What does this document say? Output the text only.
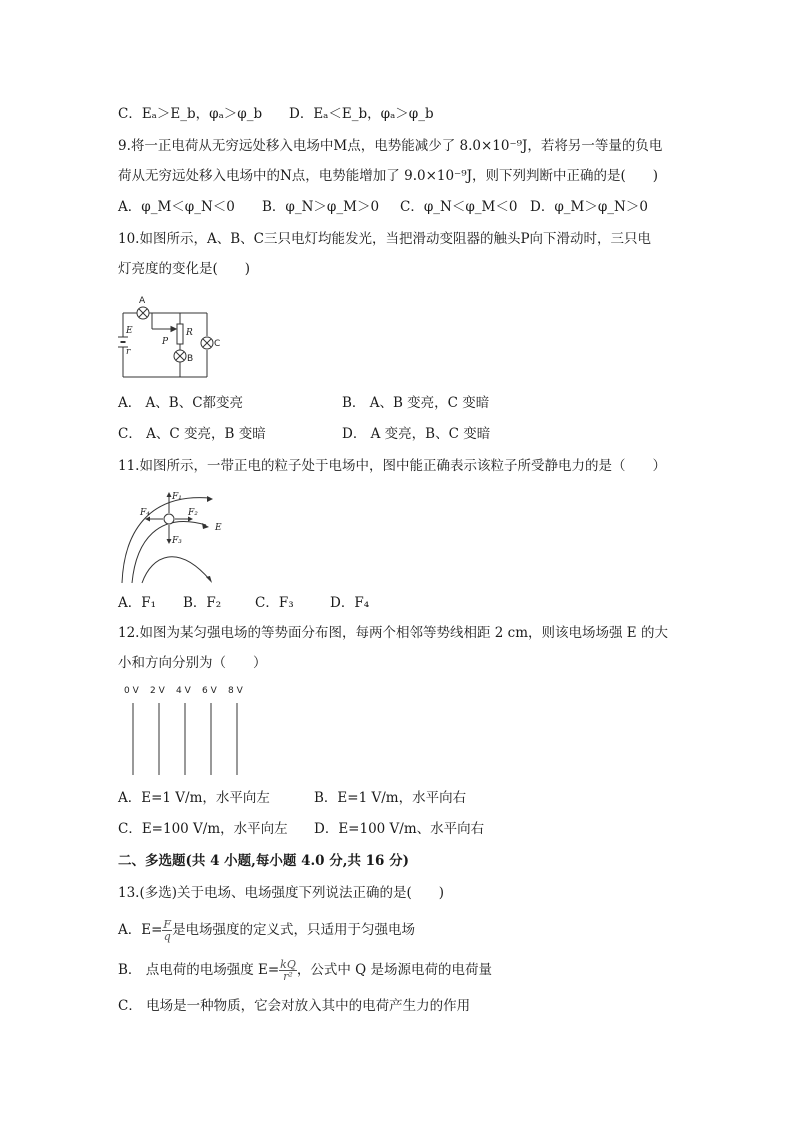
C．Eₐ＞E_b，φₐ＞φ_b D．Eₐ＜E_b，φₐ＞φ_b
9.将一正电荷从无穷远处移入电场中M点，电势能减少了 8.0×10⁻⁹J，若将另一等量的负电
荷从无穷远处移入电场中的N点，电势能增加了 9.0×10⁻⁹J，则下列判断中正确的是(　　)
A．φ_M＜φ_N＜0 B．φ_N＞φ_M＞0 C．φ_N＜φ_M＜0 D．φ_M＞φ_N＞0
10.如图所示，A、B、C三只电灯均能发光，当把滑动变阻器的触头P向下滑动时，三只电
灯亮度的变化是(　　)
A
R
P
B
C
E
r
A． A、B、C都变亮	B． A、B 变亮，C 变暗
C． A、C 变亮，B 变暗	D． A 变亮，B、C 变暗
11.如图所示，一带正电的粒子处于电场中，图中能正确表示该粒子所受静电力的是（　　）
F₁
F₂
F₃
F₄
E
A．F₁ B．F₂	C．F₃	D．F₄
12.如图为某匀强电场的等势面分布图，每两个相邻等势线相距 2 cm，则该电场场强 E 的大
小和方向分别为（　　）
0 V 2 V 4 V 6 V 8 V
A．E=1 V/m，水平向左	B．E=1 V/m，水平向右
C．E=100 V/m，水平向左 D．E=100 V/m、水平向右
二、多选题(共 4 小题,每小题 4.0 分,共 16 分)
13.(多选)关于电场、电场强度下列说法正确的是(　　)
A．$E= \frac{F}{q}$ 是电场强度的定义式，只适用于匀强电场
B． 点电荷的电场强度 $E= \frac{kQ}{\text{r²}}$ ，公式中 Q 是场源电荷的电荷量
C． 电场是一种物质，它会对放入其中的电荷产生力的作用
